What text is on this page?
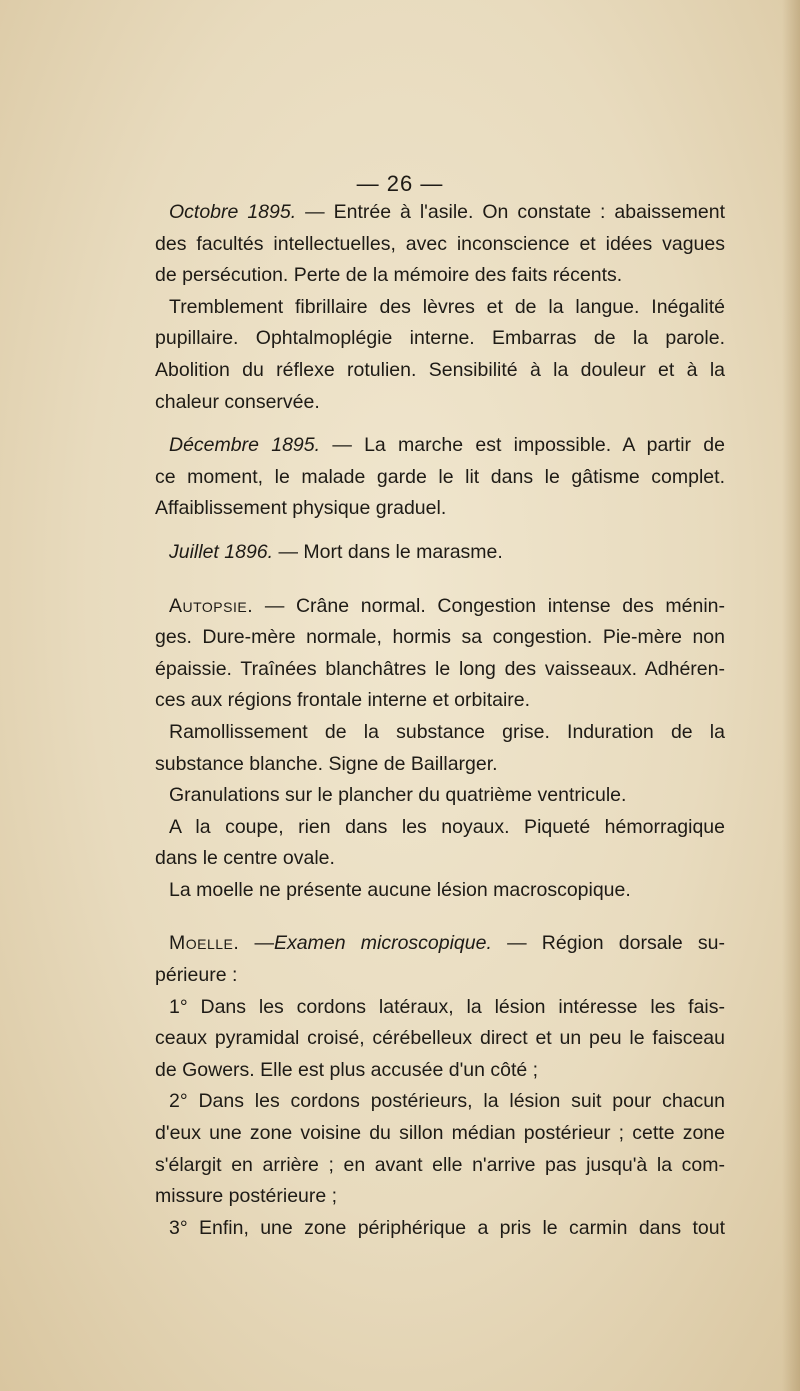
— 26 —

Octobre 1895. — Entrée à l'asile. On constate : abaissement
des facultés intellectuelles, avec inconscience et idées vagues
de persécution. Perte de la mémoire des faits récents.

Tremblement fibrillaire des lèvres et de la langue. Inégalité
pupillaire. Ophtalmoplégie interne. Embarras de la parole.
Abolition du réflexe rotulien. Sensibilité à la douleur et à la
chaleur conservée.

Décembre 1895. — La marche est impossible. A partir de
ce moment, le malade garde le lit dans le gâtisme complet.
Affaiblissement physique graduel.

Juillet 1896. — Mort dans le marasme.

Autopsie. — Crâne normal. Congestion intense des ménin-
ges. Dure-mère normale, hormis sa congestion. Pie-mère non
épaissie. Traînées blanchâtres le long des vaisseaux. Adhéren-
ces aux régions frontale interne et orbitaire.

Ramollissement de la substance grise. Induration de la
substance blanche. Signe de Baillarger.

Granulations sur le plancher du quatrième ventricule.

A la coupe, rien dans les noyaux. Piqueté hémorragique
dans le centre ovale.

La moelle ne présente aucune lésion macroscopique.

Moelle. —Examen microscopique. — Région dorsale su-
périeure :

1° Dans les cordons latéraux, la lésion intéresse les fais-
ceaux pyramidal croisé, cérébelleux direct et un peu le faisceau
de Gowers. Elle est plus accusée d'un côté ;

2° Dans les cordons postérieurs, la lésion suit pour chacun
d'eux une zone voisine du sillon médian postérieur ; cette zone
s'élargit en arrière ; en avant elle n'arrive pas jusqu'à la com-
missure postérieure ;

3° Enfin, une zone périphérique a pris le carmin dans tout
